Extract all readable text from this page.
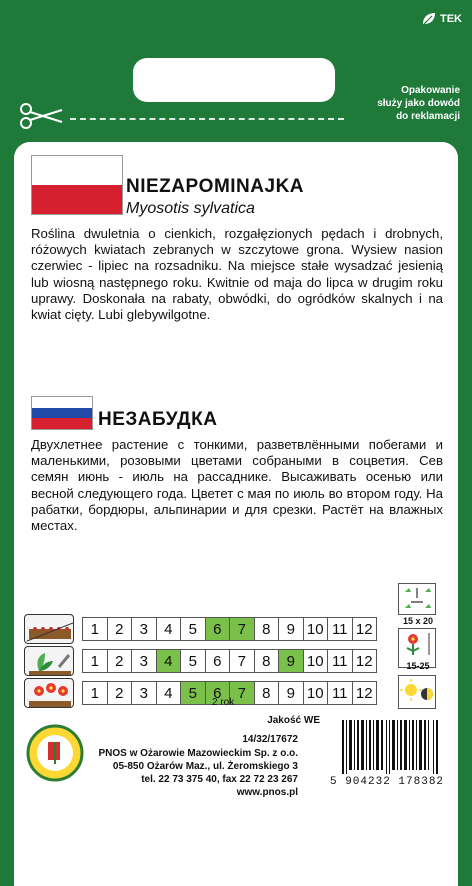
TEK
Opakowanie
służy jako dowód
do reklamacji
NIEZAPOMINAJKA
Myosotis sylvatica
Roślina dwuletnia o cienkich, rozgałęzionych pędach i drobnych, różowych kwiatach zebranych w szczytowe grona. Wysiew nasion czerwiec - lipiec na rozsadniku. Na miejsce stałe wysadzać jesienią lub wiosną następnego roku. Kwitnie od maja do lipca w drugim roku uprawy. Doskonała na rabaty, obwódki, do ogródków skalnych i na kwiat cięty. Lubi glebywilgotne.
НЕЗАБУДКА
Двухлетнее растение с тонкими, разветвлёнными побегами и маленькими, розовыми цветами собраными в соцветия. Сев семян июнь - июль на рассаднике. Высаживать осенью или весной следующего года. Цветет с мая по июль во втором году. На рабатки, бордюры, альпинарии и для срезки. Растёт на влажных местах.
1	2	3	4	5	6	7	8	9 10 11 12
1	2	3	4	5	6	7	8	9 10 11 12
1	2	3	4	5	6	7	8	9 10 11 12
2 rok
15 x 20
15-25
Jakość WE
14/32/17672
PNOS w Ożarowie Mazowieckim Sp. z o.o.
05-850 Ożarów Maz., ul. Żeromskiego 3
tel. 22 73 375 40, fax 22 72 23 267
www.pnos.pl
5 904232 178382
